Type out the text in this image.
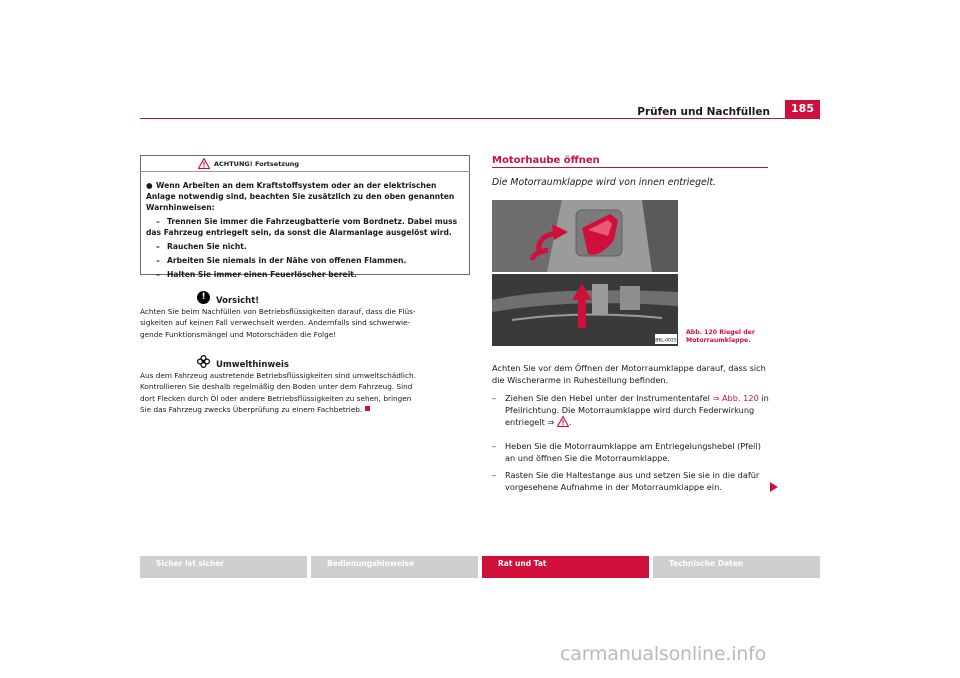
Prüfen und Nachfüllen	185
ACHTUNG! Fortsetzung
● Wenn Arbeiten an dem Kraftstoffsystem oder an der elektrischen
Anlage notwendig sind, beachten Sie zusätzlich zu den oben genannten
Warnhinweisen:
– Trennen Sie immer die Fahrzeugbatterie vom Bordnetz. Dabei muss
das Fahrzeug entriegelt sein, da sonst die Alarmanlage ausgelöst wird.
– Rauchen Sie nicht.
– Arbeiten Sie niemals in der Nähe von offenen Flammen.
– Halten Sie immer einen Feuerlöscher bereit.
!	Vorsicht!
Achten Sie beim Nachfüllen von Betriebsflüssigkeiten darauf, dass die Flüs-
sigkeiten auf keinen Fall verwechselt werden. Andernfalls sind schwerwie-
gende Funktionsmängel und Motorschäden die Folge!
Umwelthinweis
Aus dem Fahrzeug austretende Betriebsflüssigkeiten sind umweltschädlich.
Kontrollieren Sie deshalb regelmäßig den Boden unter dem Fahrzeug. Sind
dort Flecken durch Öl oder andere Betriebsflüssigkeiten zu sehen, bringen
Sie das Fahrzeug zwecks Überprüfung zu einem Fachbetrieb.
Motorhaube öffnen
Die Motorraumklappe wird von innen entriegelt.
B6L-0025
Abb. 120 Riegel der
Motorraumklappe.
Achten Sie vor dem Öffnen der Motorraumklappe darauf, dass sich
die Wischerarme in Ruhestellung befinden.
– Ziehen Sie den Hebel unter der Instrumententafel ⇒ Abb. 120 in
Pfeilrichtung. Die Motorraumklappe wird durch Federwirkung
entriegelt ⇒ .
– Heben Sie die Motorraumklappe am Entriegelungshebel (Pfeil)
an und öffnen Sie die Motorraumklappe.
– Rasten Sie die Haltestange aus und setzen Sie sie in die dafür
vorgesehene Aufnahme in der Motorraumklappe ein.
Sicher ist sicher	Bedienungshinweise	Rat und Tat	Technische Daten
carmanualsonline.info
